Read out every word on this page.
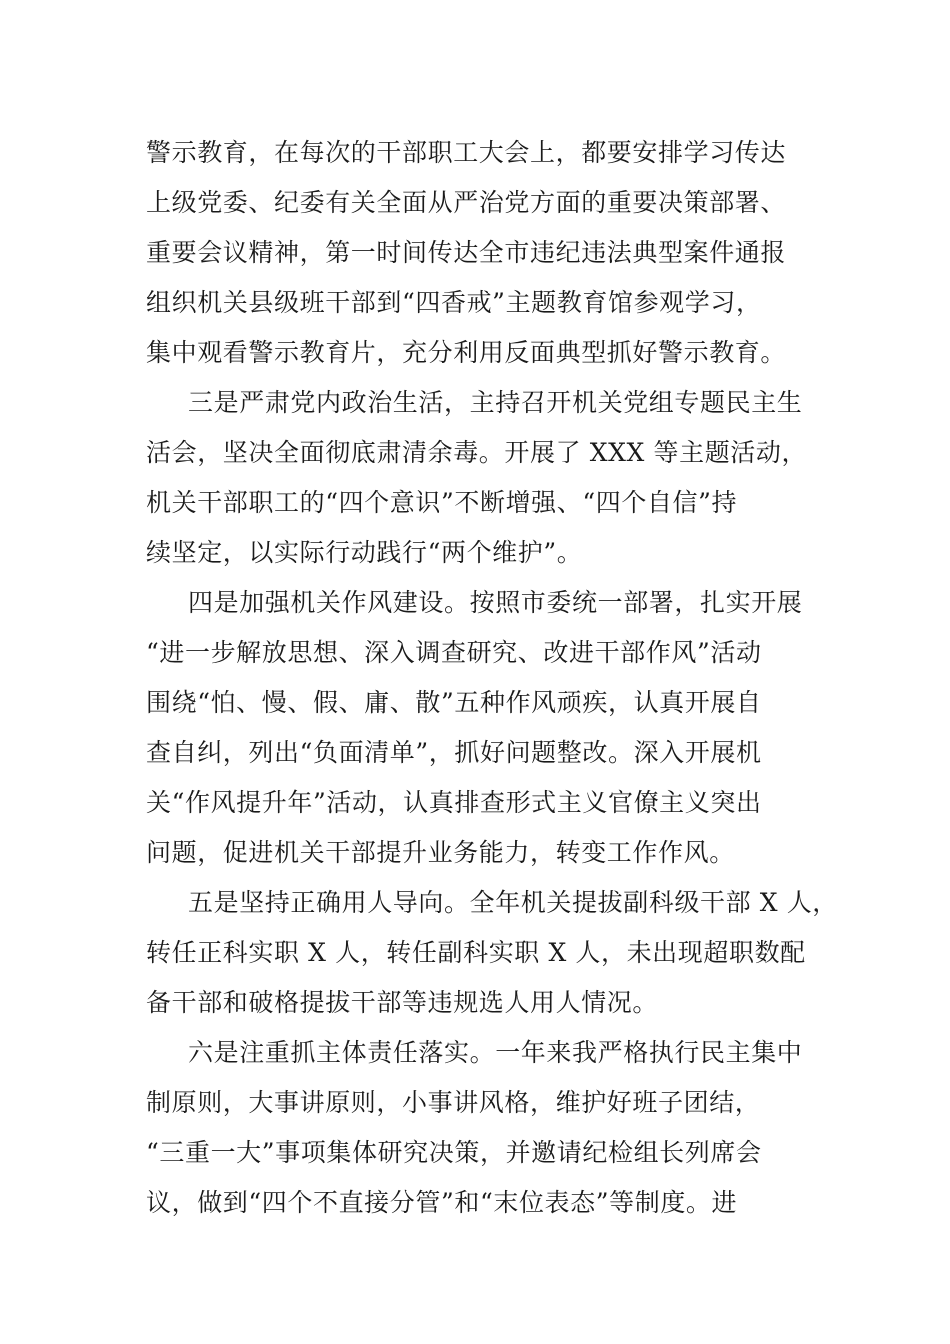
警示教育，在每次的干部职工大会上，都要安排学习传达
上级党委、纪委有关全面从严治党方面的重要决策部署、
重要会议精神，第一时间传达全市违纪违法典型案件通报
组织机关县级班干部到“四香戒”主题教育馆参观学习，
集中观看警示教育片，充分利用反面典型抓好警示教育。
三是严肃党内政治生活，主持召开机关党组专题民主生
活会，坚决全面彻底肃清余毒。开展了 XXX 等主题活动，
机关干部职工的“四个意识”不断增强、“四个自信”持
续坚定，以实际行动践行“两个维护”。
四是加强机关作风建设。按照市委统一部署，扎实开展
“进一步解放思想、深入调查研究、改进干部作风”活动
围绕“怕、慢、假、庸、散”五种作风顽疾，认真开展自
查自纠，列出“负面清单”，抓好问题整改。深入开展机
关“作风提升年”活动，认真排查形式主义官僚主义突出
问题，促进机关干部提升业务能力，转变工作作风。
五是坚持正确用人导向。全年机关提拔副科级干部 X 人，
转任正科实职 X 人，转任副科实职 X 人，未出现超职数配
备干部和破格提拔干部等违规选人用人情况。
六是注重抓主体责任落实。一年来我严格执行民主集中
制原则，大事讲原则，小事讲风格，维护好班子团结，
“三重一大”事项集体研究决策，并邀请纪检组长列席会
议，做到“四个不直接分管”和“末位表态”等制度。进
